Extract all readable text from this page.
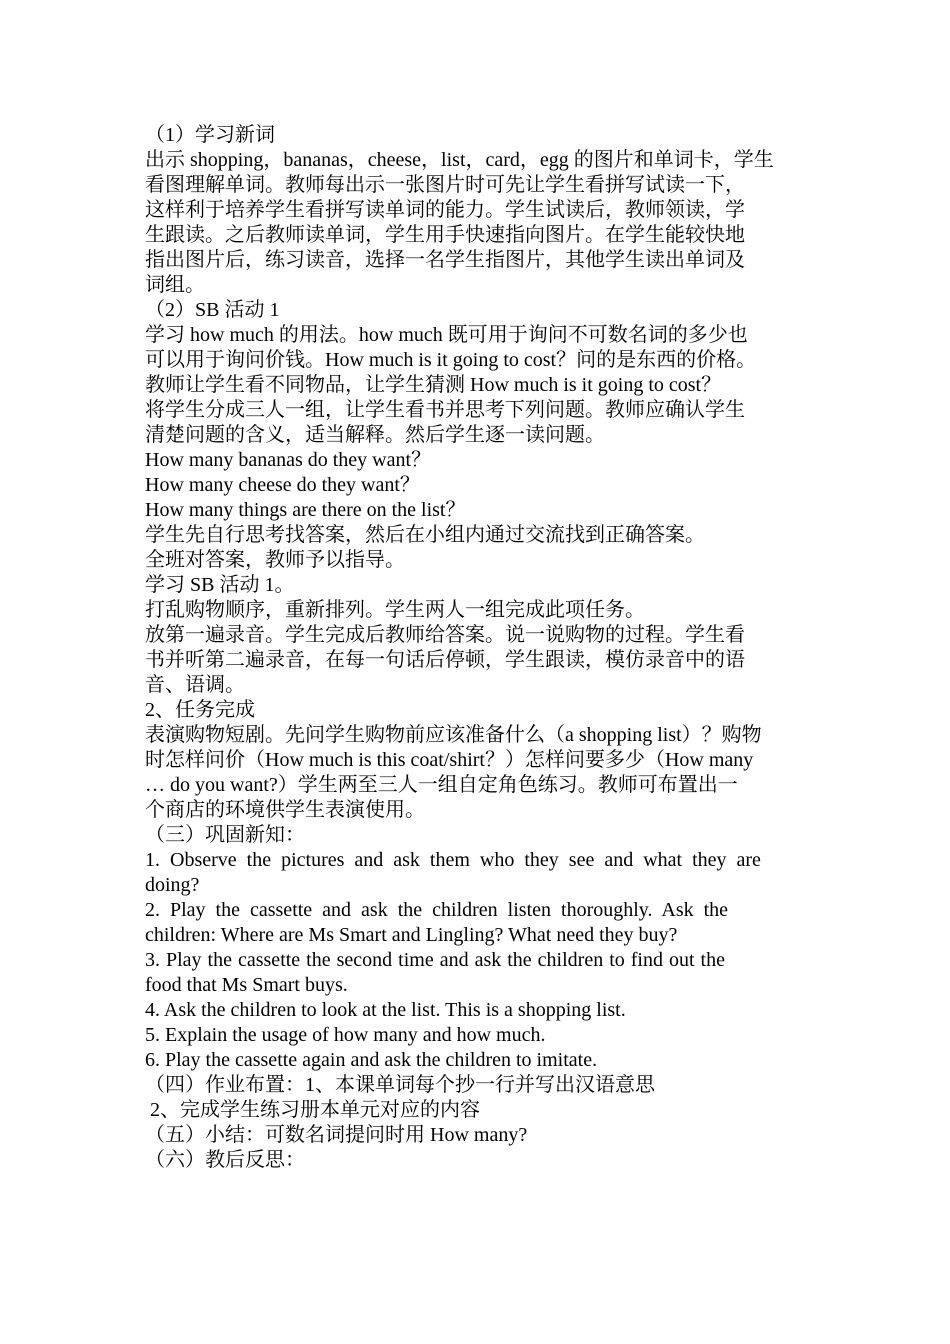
（1）学习新词
出示 shopping，bananas，cheese，list，card，egg 的图片和单词卡，学生
看图理解单词。教师每出示一张图片时可先让学生看拼写试读一下，
这样利于培养学生看拼写读单词的能力。学生试读后，教师领读，学
生跟读。之后教师读单词，学生用手快速指向图片。在学生能较快地
指出图片后，练习读音，选择一名学生指图片，其他学生读出单词及
词组。
（2）SB 活动 1
学习 how much 的用法。how much 既可用于询问不可数名词的多少也
可以用于询问价钱。How much is it going to cost？问的是东西的价格。
教师让学生看不同物品，让学生猜测 How much is it going to cost？
将学生分成三人一组，让学生看书并思考下列问题。教师应确认学生
清楚问题的含义，适当解释。然后学生逐一读问题。
How many bananas do they want？
How many cheese do they want？
How many things are there on the list？
学生先自行思考找答案，然后在小组内通过交流找到正确答案。
全班对答案，教师予以指导。
学习 SB 活动 1。
打乱购物顺序，重新排列。学生两人一组完成此项任务。
放第一遍录音。学生完成后教师给答案。说一说购物的过程。学生看
书并听第二遍录音，在每一句话后停顿，学生跟读，模仿录音中的语
音、语调。
2、任务完成
表演购物短剧。先问学生购物前应该准备什么（a shopping list）？购物
时怎样问价（How much is this coat/shirt？）怎样问要多少（How many
… do you want?）学生两至三人一组自定角色练习。教师可布置出一
个商店的环境供学生表演使用。
（三）巩固新知：
1. Observe the pictures and ask them who they see and what they are
doing?
2. Play the cassette and ask the children listen thoroughly. Ask the
children: Where are Ms Smart and Lingling? What need they buy?
3. Play the cassette the second time and ask the children to find out the
food that Ms Smart buys.
4. Ask the children to look at the list. This is a shopping list.
5. Explain the usage of how many and how much.
6. Play the cassette again and ask the children to imitate.
（四）作业布置：1、本课单词每个抄一行并写出汉语意思
2、完成学生练习册本单元对应的内容
（五）小结：可数名词提问时用 How many?
（六）教后反思：
